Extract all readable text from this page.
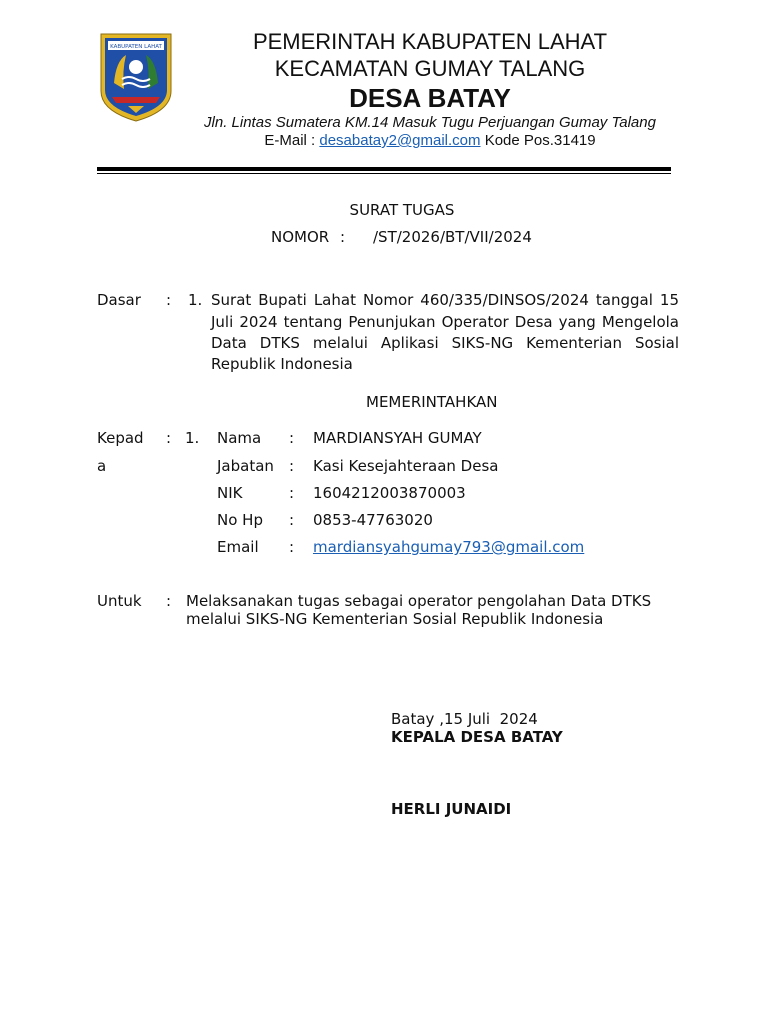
KABUPATEN LAHAT	PEMERINTAH KABUPATEN LAHAT
KECAMATAN GUMAY TALANG
DESA BATAY
Jln. Lintas Sumatera KM.14 Masuk Tugu Perjuangan Gumay Talang
E-Mail : desabatay2@gmail.com Kode Pos.31419
SURAT TUGAS
NOMOR : /ST/2026/BT/VII/2024
Dasar : 1. Surat Bupati Lahat Nomor 460/335/DINSOS/2024 tanggal 15
Juli 2024 tentang Penunjukan Operator Desa yang Mengelola
Data DTKS melalui Aplikasi SIKS-NG Kementerian Sosial
Republik Indonesia
MEMERINTAHKAN
Kepad
a
: 1. Nama : MARDIANSYAH GUMAY
Jabatan : Kasi Kesejahteraan Desa
NIK	: 1604212003870003
No Hp : 0853-47763020
Email : mardiansyahgumay793@gmail.com
Untuk : Melaksanakan tugas sebagai operator pengolahan Data DTKS
melalui SIKS-NG Kementerian Sosial Republik Indonesia
Batay ,15 Juli  2024
KEPALA DESA BATAY
HERLI JUNAIDI
